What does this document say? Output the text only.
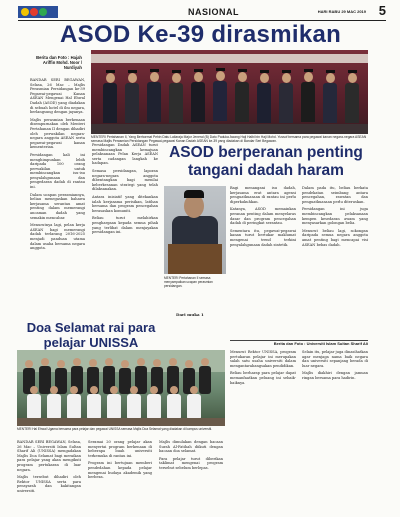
NASIONAL	HARI RABU 29 MAC 2019 5
ASOD Ke-39 dirasmikan
Berita dan Foto : Hajah Ariffin Mohd. Noor / Nurdiyah
MENTERI Pertahanan II, Yang Berhormat Pehin Datu Lailaraja Major Jeneral (B) Dato Paduka Awang Haji Halbi bin Haji Mohd. Yussof bersama para pegawai kanan negara-negara ASEAN semasa Majlis Perasmian Persidangan Pegawai-pegawai Kanan Dadah ASEAN ke-39 yang diadakan di Bandar Seri Begawan.

BANDAR SERI BEGAWAN, Selasa, 26 Mac – Majlis Perasmian Persidangan ke-39 Pegawai-pegawai Kanan ASEAN Mengenai Hal Ehwal Dadah (ASOD) yang diadakan di sebuah hotel di ibu negara, berlangsung dengan jayanya.

Majlis perasmian berkenaan disempurnakan oleh Menteri Pertahanan II dengan dihadiri oleh perwakilan negara-negara anggota ASEAN serta pegawai-pegawai kanan kementerian.

Persidangan kali ini menghimpunkan lebih daripada 100 orang perwakilan untuk membincangkan isu-isu penyalahgunaan dan pengedaran dadah di rantau ini.

Dalam ucapan perasmiannya, beliau menegaskan bahawa kerjasama serantau amat penting dalam memerangi ancaman dadah yang semakin mencabar.

Menurutnya lagi, pelan kerja ASEAN bagi memerangi dadah terlarang 2016-2025 menjadi panduan utama dalam usaha bersama negara anggota.

Persidangan Dadah ASEAN turut membincangkan kemajuan pelaksanaan Pelan Kerja ASEAN serta cadangan langkah ke hadapan.

Semasa persidangan, laporan negara-negara anggota dibentangkan bagi menilai keberkesanan strategi yang telah dilaksanakan.

Antara inisiatif yang ditekankan ialah kerjasama perisikan, latihan bersama dan program pencegahan berasaskan komuniti.

Beliau turut melahirkan penghargaan kepada semua pihak yang terlibat dalam menjayakan persidangan ini.

ASOD berperanan penting tangani dadah haram
MENTERI Pertahanan II semasa menyampaikan ucapan perasmian persidangan.
Dari muka 1

Bagi menangani isu dadah, kerjasama erat antara agensi penguatkuasaan di rantau ini perlu diperkukuhkan.

Katanya, ASOD memainkan peranan penting dalam menyelaras dasar dan program pencegahan dadah di peringkat serantau.

Sementara itu, pegawai-pegawai kanan turut bertukar maklumat mengenai trend terkini penyalahgunaan dadah sintetik.

Dalam pada itu, beliau berkata pendekatan seimbang antara pencegahan, rawatan dan penguatkuasaan perlu diteruskan.

Persidangan ini juga membincangkan pelaksanaan kempen kesedaran awam yang menyasarkan golongan belia.

Menurut beliau lagi, sokongan daripada semua negara anggota amat penting bagi mencapai visi ASEAN bebas dadah.

Doa Selamat rai para pelajar UNISSA
MENTERI Hal Ehwal Ugama bersama para pelajar dan pegawai UNISSA semasa Majlis Doa Selamat yang diadakan di kampus universiti.

BANDAR SERI BEGAWAN, Selasa, 26 Mac – Universiti Islam Sultan Sharif Ali (UNISSA) mengadakan Majlis Doa Selamat bagi meraikan para pelajar yang akan mengikuti program pertukaran di luar negara.

Majlis tersebut dihadiri oleh Rektor UNISSA serta para pensyarah dan kakitangan universiti.

Seramai 20 orang pelajar akan menyertai program berkenaan di beberapa buah universiti terkemuka di rantau ini.

Program ini bertujuan memberi pendedahan kepada pelajar mengenai budaya akademik yang berbeza.

Majlis dimulakan dengan bacaan Surah Al-Fatihah diikuti dengan bacaan doa selamat.

Para pelajar turut diberikan taklimat mengenai program tersebut sebelum berlepas.

Berita dan Foto : Universiti Islam Sultan Sharif Ali

Menurut Rektor UNISSA, program pertukaran pelajar ini merupakan salah satu usaha universiti dalam mengantarabangsakan pendidikan.

Beliau berharap para pelajar dapat memanfaatkan peluang ini sebaik-baiknya.

Selain itu, pelajar juga dinasihatkan agar menjaga nama baik negara dan universiti sepanjang berada di luar negara.

Majlis diakhiri dengan jamuan ringan bersama para hadirin.
